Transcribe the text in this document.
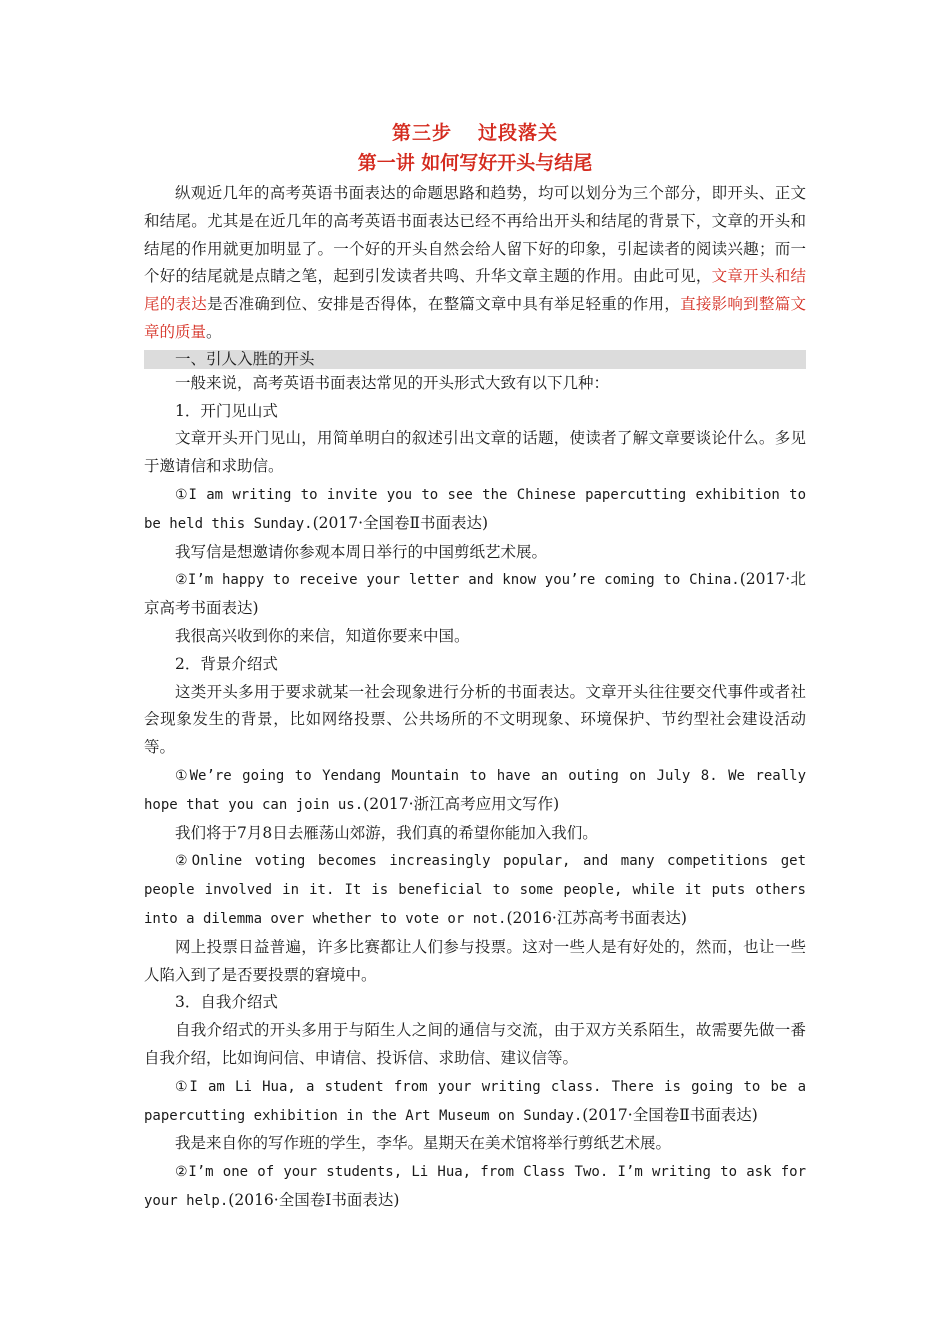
第三步 过段落关
第一讲 如何写好开头与结尾

纵观近几年的高考英语书面表达的命题思路和趋势，均可以划分为三个部分，即开头、正文和结尾。尤其是在近几年的高考英语书面表达已经不再给出开头和结尾的背景下，文章的开头和结尾的作用就更加明显了。一个好的开头自然会给人留下好的印象，引起读者的阅读兴趣；而一个好的结尾就是点睛之笔，起到引发读者共鸣、升华文章主题的作用。由此可见，文章开头和结尾的表达是否准确到位、安排是否得体，在整篇文章中具有举足轻重的作用，直接影响到整篇文章的质量。

一、引人入胜的开头

一般来说，高考英语书面表达常见的开头形式大致有以下几种：

1．开门见山式

文章开头开门见山，用简单明白的叙述引出文章的话题，使读者了解文章要谈论什么。多见于邀请信和求助信。

①I am writing to invite you to see the Chinese papercutting exhibition to be held this Sunday.(2017·全国卷Ⅱ书面表达)

我写信是想邀请你参观本周日举行的中国剪纸艺术展。

②I’m happy to receive your letter and know you’re coming to China.(2017·北京高考书面表达)

我很高兴收到你的来信，知道你要来中国。

2．背景介绍式

这类开头多用于要求就某一社会现象进行分析的书面表达。文章开头往往要交代事件或者社会现象发生的背景，比如网络投票、公共场所的不文明现象、环境保护、节约型社会建设活动等。

①We’re going to Yendang Mountain to have an outing on July 8. We really hope that you can join us.(2017·浙江高考应用文写作)

我们将于7月8日去雁荡山郊游，我们真的希望你能加入我们。

②Online voting becomes increasingly popular, and many competitions get people involved in it. It is beneficial to some people, while it puts others into a dilemma over whether to vote or not.(2016·江苏高考书面表达)

网上投票日益普遍，许多比赛都让人们参与投票。这对一些人是有好处的，然而，也让一些人陷入到了是否要投票的窘境中。

3．自我介绍式

自我介绍式的开头多用于与陌生人之间的通信与交流，由于双方关系陌生，故需要先做一番自我介绍，比如询问信、申请信、投诉信、求助信、建议信等。

①I am Li Hua, a student from your writing class. There is going to be a papercutting exhibition in the Art Museum on Sunday.(2017·全国卷Ⅱ书面表达)

我是来自你的写作班的学生，李华。星期天在美术馆将举行剪纸艺术展。

②I’m one of your students, Li Hua, from Class Two. I’m writing to ask for your help.(2016·全国卷Ⅰ书面表达)
